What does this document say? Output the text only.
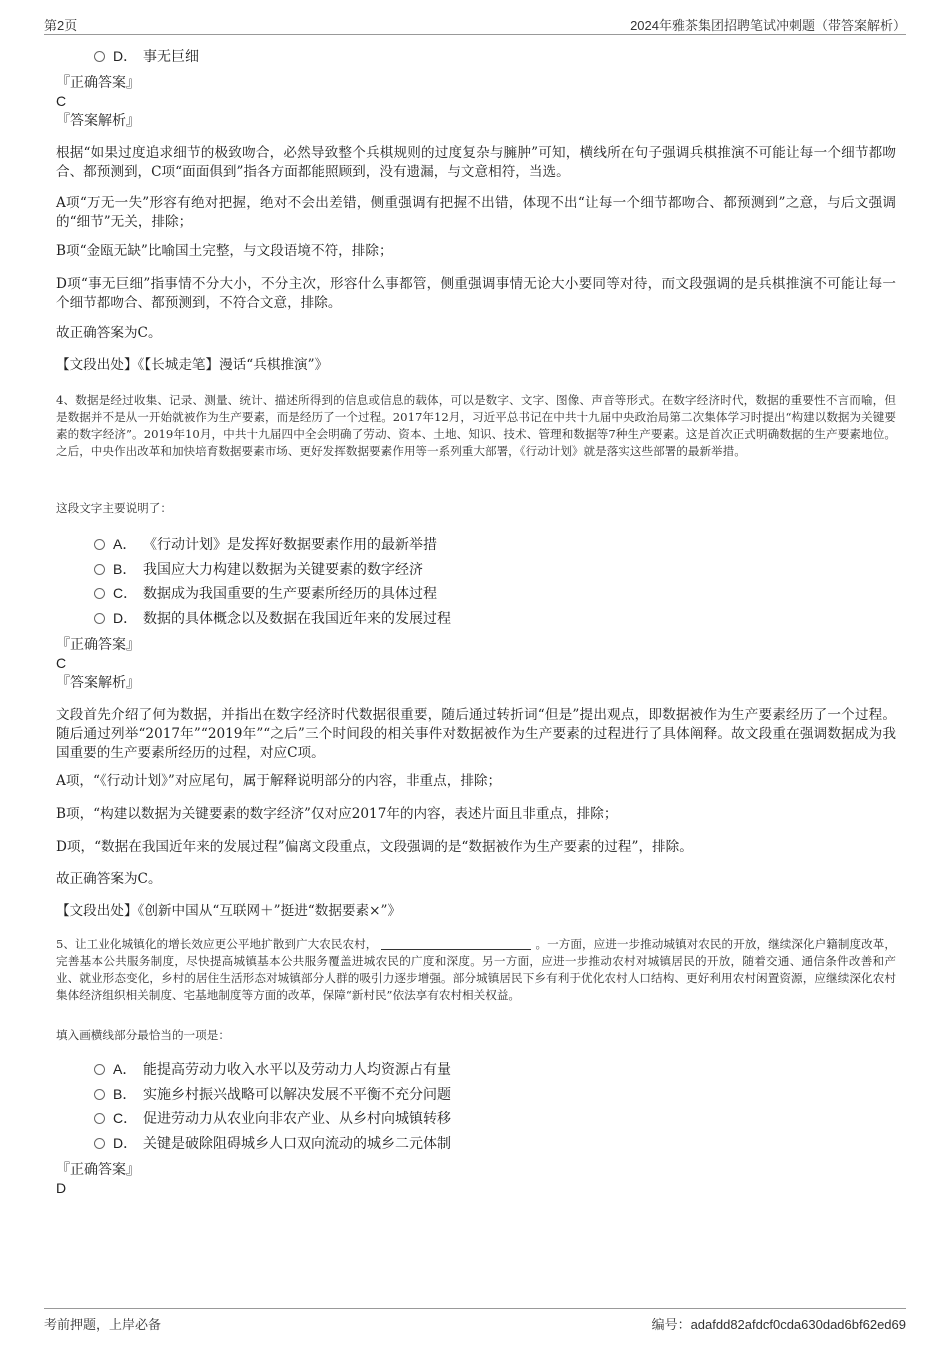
第2页	2024年雅茶集团招聘笔试冲刺题（带答案解析）
D． 事无巨细
『正确答案』
C
『答案解析』
根据“如果过度追求细节的极致吻合，必然导致整个兵棋规则的过度复杂与臃肿”可知，横线所在句子强调兵棋推演不可能让每一个细节都吻合、都预测到，C项“面面俱到”指各方面都能照顾到，没有遗漏，与文意相符，当选。
A项“万无一失”形容有绝对把握，绝对不会出差错，侧重强调有把握不出错，体现不出“让每一个细节都吻合、都预测到”之意，与后文强调的“细节”无关，排除；
B项“金瓯无缺”比喻国土完整，与文段语境不符，排除；
D项“事无巨细”指事情不分大小，不分主次，形容什么事都管，侧重强调事情无论大小要同等对待，而文段强调的是兵棋推演不可能让每一个细节都吻合、都预测到，不符合文意，排除。
故正确答案为C。
【文段出处】《【长城走笔】漫话“兵棋推演”》
4、数据是经过收集、记录、测量、统计、描述所得到的信息或信息的载体，可以是数字、文字、图像、声音等形式。在数字经济时代，数据的重要性不言而喻，但是数据并不是从一开始就被作为生产要素，而是经历了一个过程。2017年12月，习近平总书记在中共十九届中央政治局第二次集体学习时提出“构建以数据为关键要素的数字经济”。2019年10月，中共十九届四中全会明确了劳动、资本、土地、知识、技术、管理和数据等7种生产要素。这是首次正式明确数据的生产要素地位。之后，中央作出改革和加快培育数据要素市场、更好发挥数据要素作用等一系列重大部署，《行动计划》就是落实这些部署的最新举措。
这段文字主要说明了：
A． 《行动计划》是发挥好数据要素作用的最新举措
B． 我国应大力构建以数据为关键要素的数字经济
C． 数据成为我国重要的生产要素所经历的具体过程
D． 数据的具体概念以及数据在我国近年来的发展过程
『正确答案』
C
『答案解析』
文段首先介绍了何为数据，并指出在数字经济时代数据很重要，随后通过转折词“但是”提出观点，即数据被作为生产要素经历了一个过程。随后通过列举“2017年”“2019年”“之后”三个时间段的相关事件对数据被作为生产要素的过程进行了具体阐释。故文段重在强调数据成为我国重要的生产要素所经历的过程，对应C项。
A项，“《行动计划》”对应尾句，属于解释说明部分的内容，非重点，排除；
B项，“构建以数据为关键要素的数字经济”仅对应2017年的内容，表述片面且非重点，排除；
D项，“数据在我国近年来的发展过程”偏离文段重点，文段强调的是“数据被作为生产要素的过程”，排除。
故正确答案为C。
【文段出处】《创新中国从“互联网＋”挺进“数据要素×”》
5、让工业化城镇化的增长效应更公平地扩散到广大农民农村，	。一方面，应进一步推动城镇对农民的开放，继续深化户籍制度改革，完善基本公共服务制度，尽快提高城镇基本公共服务覆盖进城农民的广度和深度。另一方面，应进一步推动农村对城镇居民的开放，随着交通、通信条件改善和产业、就业形态变化，乡村的居住生活形态对城镇部分人群的吸引力逐步增强。部分城镇居民下乡有利于优化农村人口结构、更好利用农村闲置资源，应继续深化农村集体经济组织相关制度、宅基地制度等方面的改革，保障“新村民”依法享有农村相关权益。
填入画横线部分最恰当的一项是：
A． 能提高劳动力收入水平以及劳动力人均资源占有量
B． 实施乡村振兴战略可以解决发展不平衡不充分问题
C． 促进劳动力从农业向非农产业、从乡村向城镇转移
D． 关键是破除阻碍城乡人口双向流动的城乡二元体制
『正确答案』
D
考前押题，上岸必备	编号：adafdd82afdcf0cda630dad6bf62ed69
